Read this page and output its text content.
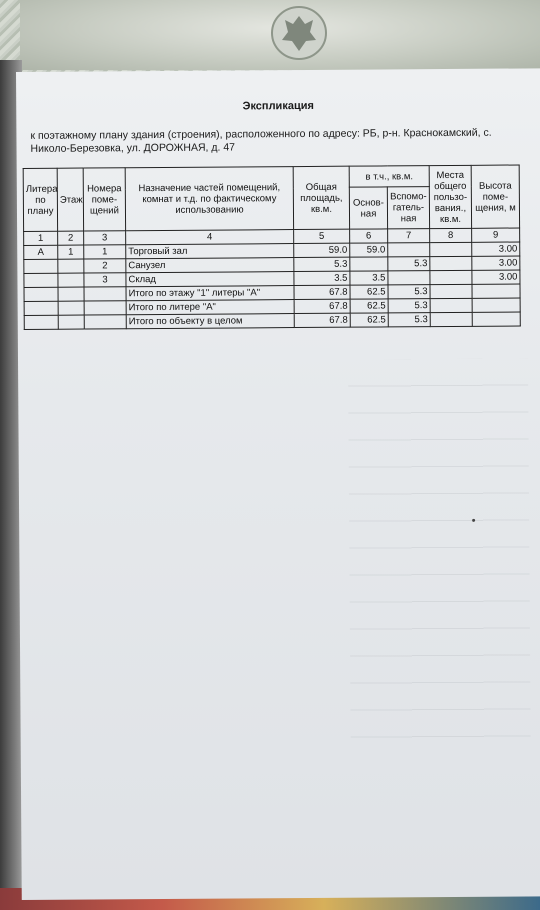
Экспликация
к поэтажному плану здания (строения), расположенного по адресу: РБ, р-н. Краснокамский, с.
Николо-Березовка, ул. ДОРОЖНАЯ, д. 47
Литера по плану	Этаж	Номера поме-щений	Назначение частей помещений, комнат и т.д. по фактическому использованию	Общая площадь, кв.м.	в т.ч., кв.м.		Места общего пользо-вания., кв.м.	Высота поме-щения, м
					Основ-ная	Вспомо-гатель-ная		
1	2	3	4	5	6	7	8	9
А	1	1	Торговый зал	59.0	59.0			3.00
		2	Санузел	5.3		5.3		3.00
		3	Склад	3.5	3.5			3.00
			Итого по этажу "1" литеры "А"	67.8	62.5	5.3		
			Итого по литере "А"	67.8	62.5	5.3		
			Итого по объекту в целом	67.8	62.5	5.3		
